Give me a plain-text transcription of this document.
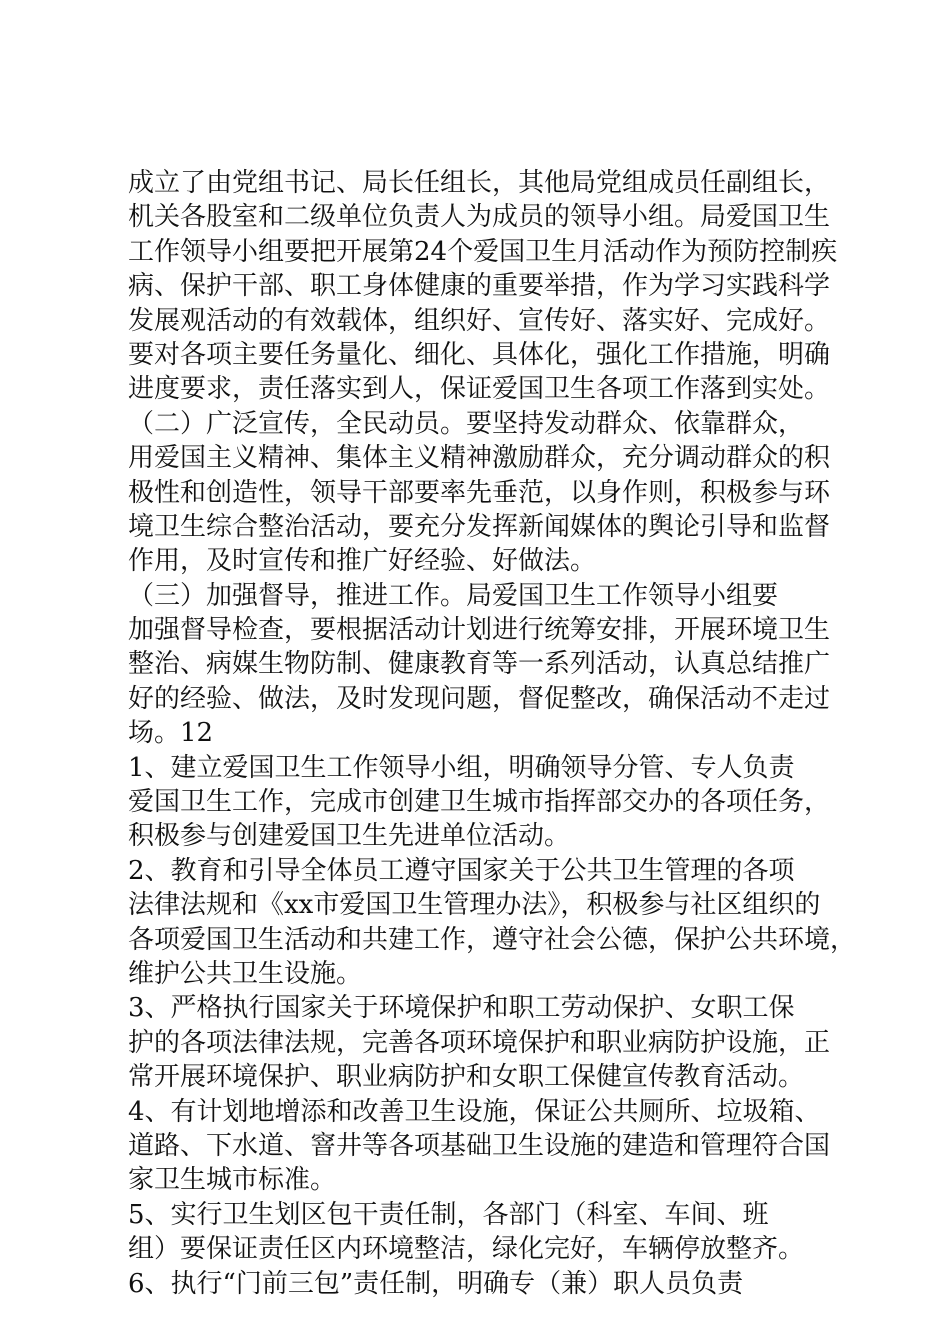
成立了由党组书记、局长任组长，其他局党组成员任副组长，
机关各股室和二级单位负责人为成员的领导小组。局爱国卫生
工作领导小组要把开展第24个爱国卫生月活动作为预防控制疾
病、保护干部、职工身体健康的重要举措，作为学习实践科学
发展观活动的有效载体，组织好、宣传好、落实好、完成好。
要对各项主要任务量化、细化、具体化，强化工作措施，明确
进度要求，责任落实到人，保证爱国卫生各项工作落到实处。
（二）广泛宣传，全民动员。要坚持发动群众、依靠群众，
用爱国主义精神、集体主义精神激励群众，充分调动群众的积
极性和创造性，领导干部要率先垂范，以身作则，积极参与环
境卫生综合整治活动，要充分发挥新闻媒体的舆论引导和监督
作用，及时宣传和推广好经验、好做法。
（三）加强督导，推进工作。局爱国卫生工作领导小组要
加强督导检查，要根据活动计划进行统筹安排，开展环境卫生
整治、病媒生物防制、健康教育等一系列活动，认真总结推广
好的经验、做法，及时发现问题，督促整改，确保活动不走过
场。12
1、建立爱国卫生工作领导小组，明确领导分管、专人负责
爱国卫生工作，完成市创建卫生城市指挥部交办的各项任务，
积极参与创建爱国卫生先进单位活动。
2、教育和引导全体员工遵守国家关于公共卫生管理的各项
法律法规和《xx市爱国卫生管理办法》，积极参与社区组织的
各项爱国卫生活动和共建工作，遵守社会公德，保护公共环境，
维护公共卫生设施。
3、严格执行国家关于环境保护和职工劳动保护、女职工保
护的各项法律法规，完善各项环境保护和职业病防护设施，正
常开展环境保护、职业病防护和女职工保健宣传教育活动。
4、有计划地增添和改善卫生设施，保证公共厕所、垃圾箱、
道路、下水道、窨井等各项基础卫生设施的建造和管理符合国
家卫生城市标准。
5、实行卫生划区包干责任制，各部门（科室、车间、班
组）要保证责任区内环境整洁，绿化完好，车辆停放整齐。
6、执行“门前三包”责任制，明确专（兼）职人员负责
